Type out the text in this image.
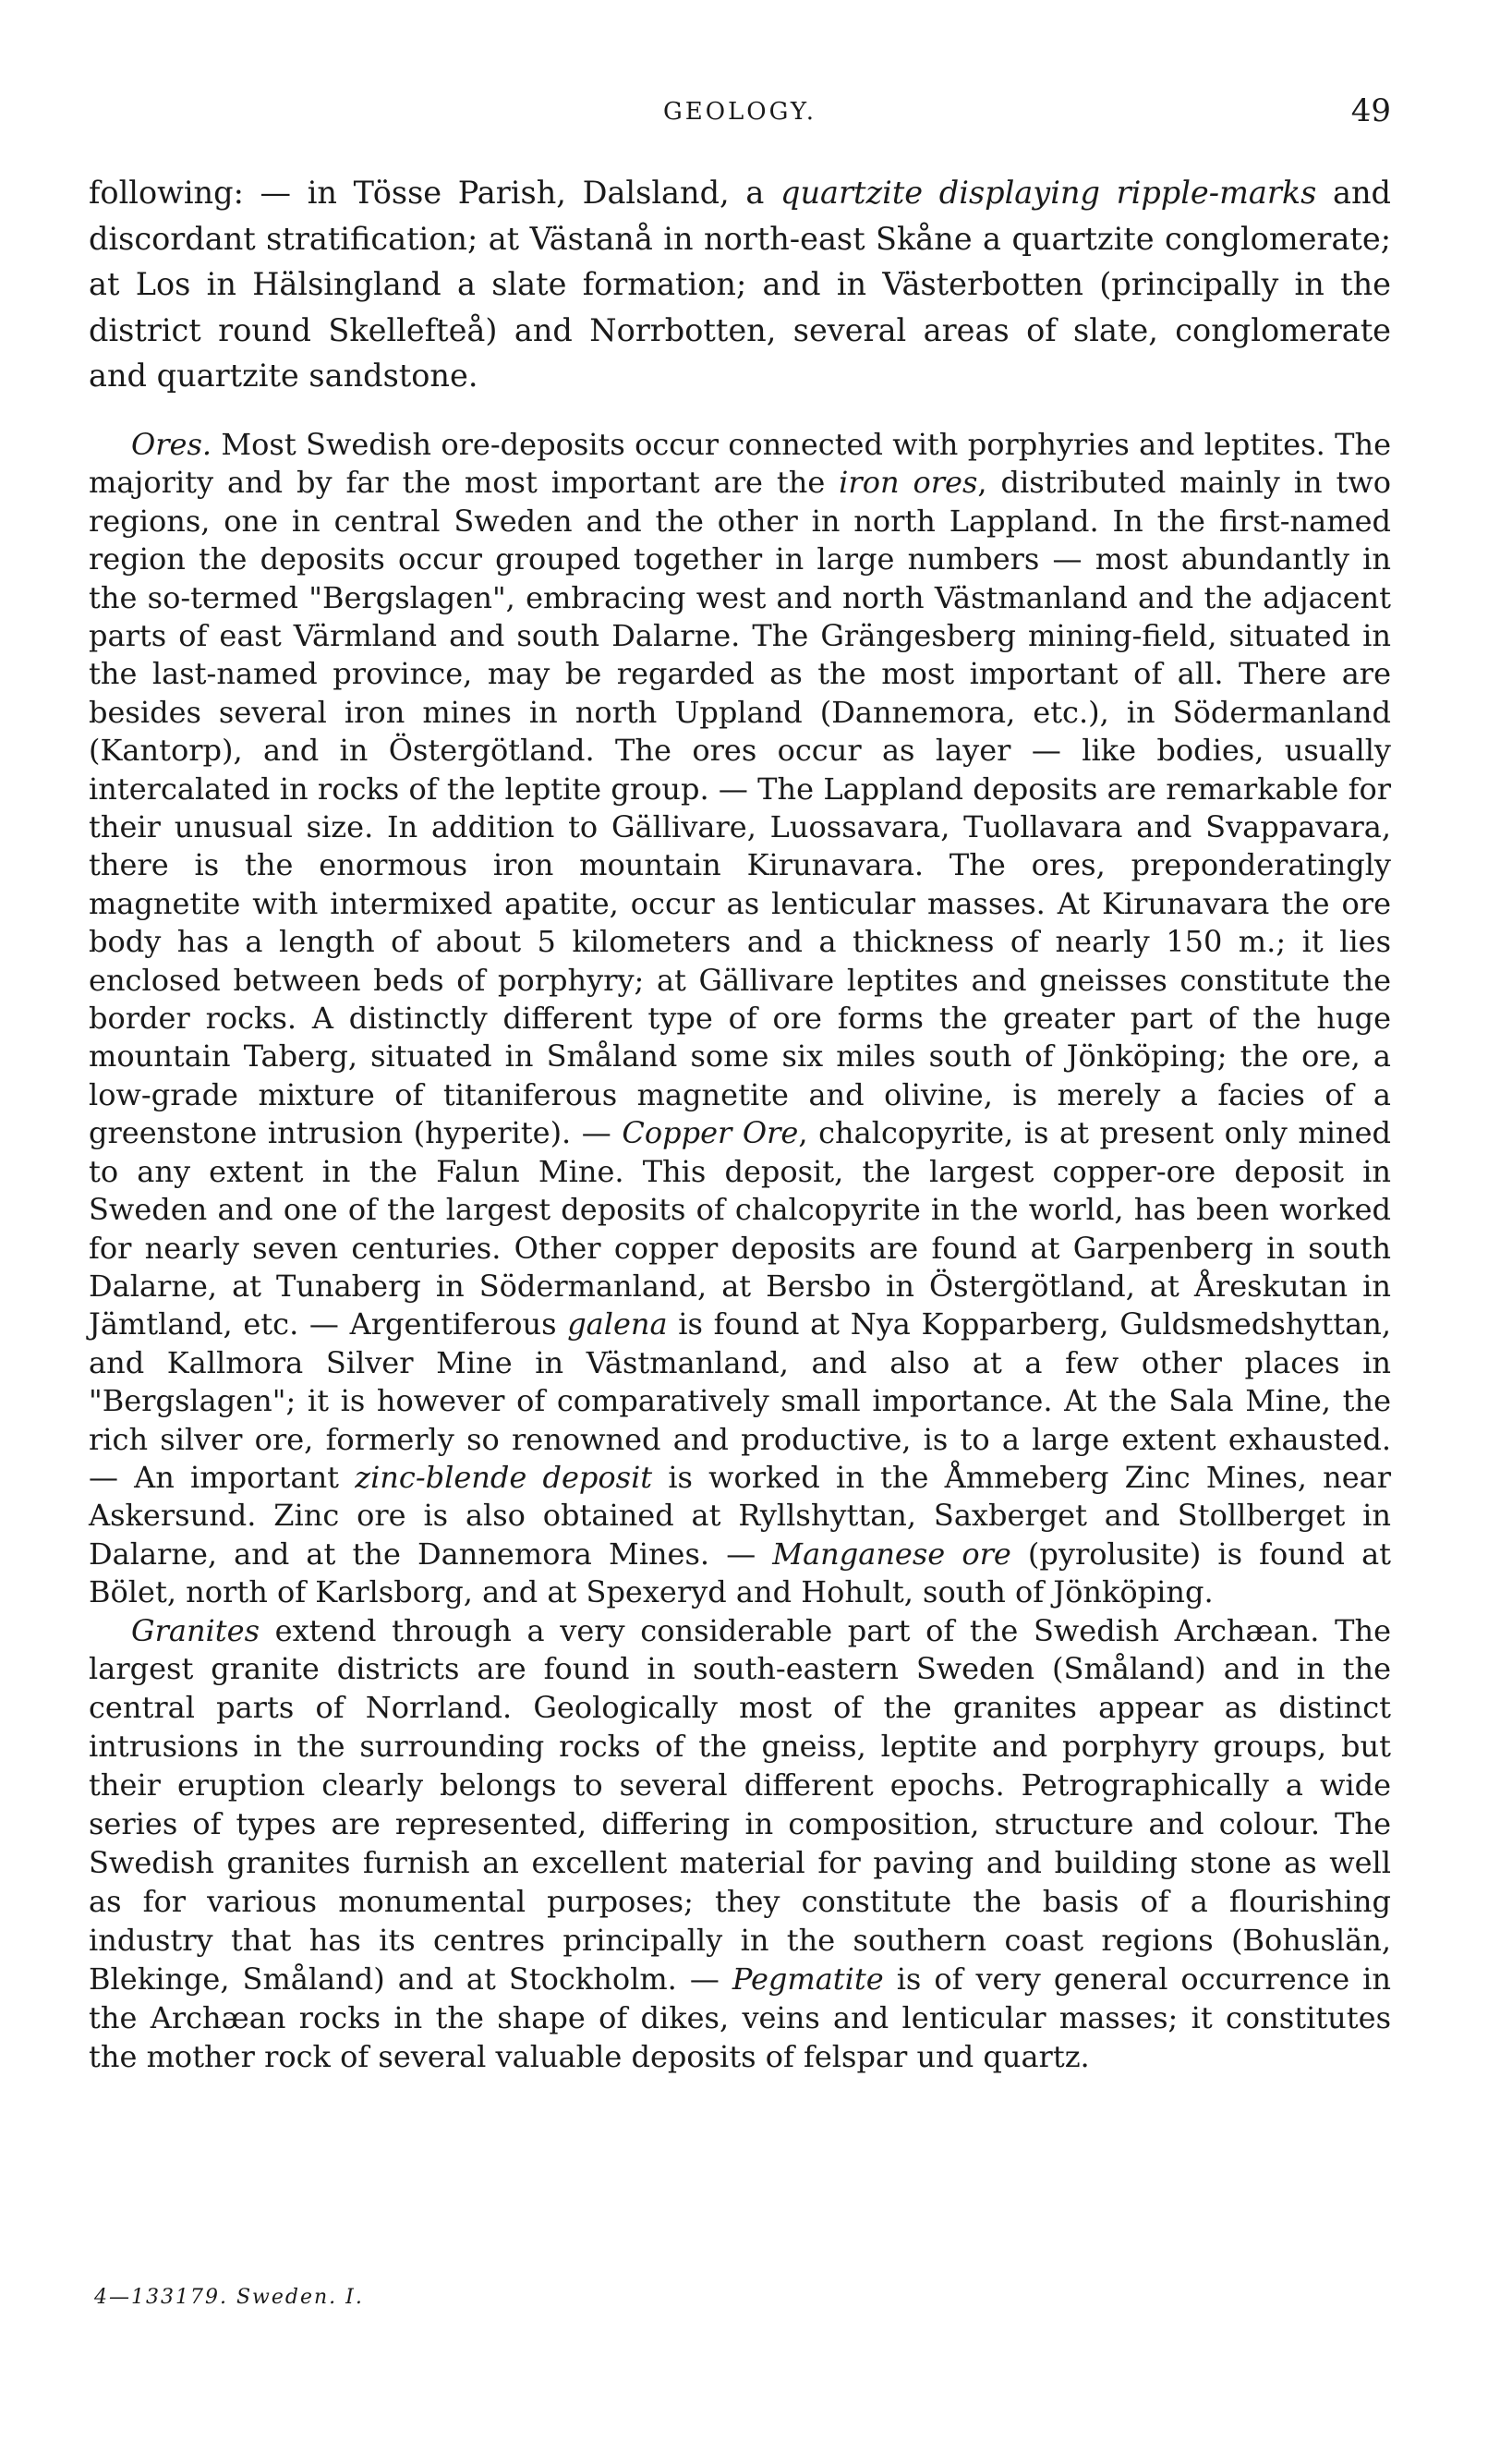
GEOLOGY.	49

following: — in Tösse Parish, Dalsland, a quartzite displaying ripple-marks and discordant stratification; at Västanå in north-east Skåne a quartzite conglomerate; at Los in Hälsingland a slate formation; and in Västerbotten (principally in the district round Skellefteå) and Norrbotten, several areas of slate, conglomerate and quartzite sandstone.

Ores. Most Swedish ore-deposits occur connected with porphyries and leptites. The majority and by far the most important are the iron ores, distributed mainly in two regions, one in central Sweden and the other in north Lappland. In the first-named region the deposits occur grouped together in large numbers — most abundantly in the so-termed "Bergslagen", embracing west and north Västmanland and the adjacent parts of east Värmland and south Dalarne. The Grängesberg mining-field, situated in the last-named province, may be regarded as the most important of all. There are besides several iron mines in north Uppland (Dannemora, etc.), in Södermanland (Kantorp), and in Östergötland. The ores occur as layer — like bodies, usually intercalated in rocks of the leptite group. — The Lappland deposits are remarkable for their unusual size. In addition to Gällivare, Luossavara, Tuollavara and Svappavara, there is the enormous iron mountain Kirunavara. The ores, preponderatingly magnetite with intermixed apatite, occur as lenticular masses. At Kirunavara the ore body has a length of about 5 kilometers and a thickness of nearly 150 m.; it lies enclosed between beds of porphyry; at Gällivare leptites and gneisses constitute the border rocks. A distinctly different type of ore forms the greater part of the huge mountain Taberg, situated in Småland some six miles south of Jönköping; the ore, a low-grade mixture of titaniferous magnetite and olivine, is merely a facies of a greenstone intrusion (hyperite). — Copper Ore, chalcopyrite, is at present only mined to any extent in the Falun Mine. This deposit, the largest copper-ore deposit in Sweden and one of the largest deposits of chalcopyrite in the world, has been worked for nearly seven centuries. Other copper deposits are found at Garpenberg in south Dalarne, at Tunaberg in Södermanland, at Bersbo in Östergötland, at Åreskutan in Jämtland, etc. — Argentiferous galena is found at Nya Kopparberg, Guldsmedshyttan, and Kallmora Silver Mine in Västmanland, and also at a few other places in "Bergslagen"; it is however of comparatively small importance. At the Sala Mine, the rich silver ore, formerly so renowned and productive, is to a large extent exhausted. — An important zinc-blende deposit is worked in the Åmmeberg Zinc Mines, near Askersund. Zinc ore is also obtained at Ryllshyttan, Saxberget and Stollberget in Dalarne, and at the Dannemora Mines. — Manganese ore (pyrolusite) is found at Bölet, north of Karlsborg, and at Spexeryd and Hohult, south of Jönköping.

Granites extend through a very considerable part of the Swedish Archæan. The largest granite districts are found in south-eastern Sweden (Småland) and in the central parts of Norrland. Geologically most of the granites appear as distinct intrusions in the surrounding rocks of the gneiss, leptite and porphyry groups, but their eruption clearly belongs to several different epochs. Petrographically a wide series of types are represented, differing in composition, structure and colour. The Swedish granites furnish an excellent material for paving and building stone as well as for various monumental purposes; they constitute the basis of a flourishing industry that has its centres principally in the southern coast regions (Bohuslän, Blekinge, Småland) and at Stockholm. — Pegmatite is of very general occurrence in the Archæan rocks in the shape of dikes, veins and lenticular masses; it constitutes the mother rock of several valuable deposits of felspar und quartz.

4—133179. Sweden. I.
